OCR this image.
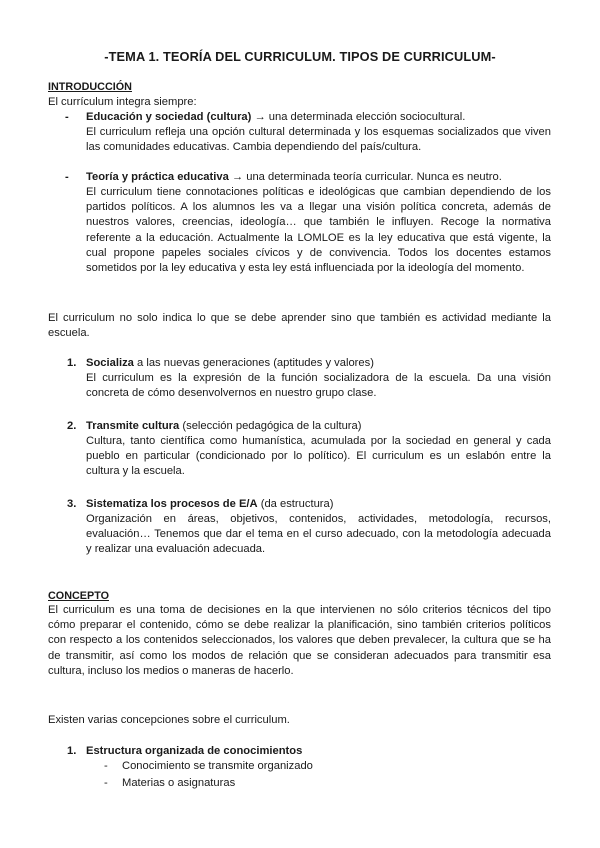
-TEMA 1. TEORÍA DEL CURRICULUM. TIPOS DE CURRICULUM-
INTRODUCCIÓN
El currículum integra siempre:
- Educación y sociedad (cultura) → una determinada elección sociocultural.
El curriculum refleja una opción cultural determinada y los esquemas socializados que viven las comunidades educativas. Cambia dependiendo del país/cultura.
- Teoría y práctica educativa → una determinada teoría curricular. Nunca es neutro.
El curriculum tiene connotaciones políticas e ideológicas que cambian dependiendo de los partidos políticos. A los alumnos les va a llegar una visión política concreta, además de nuestros valores, creencias, ideología… que también le influyen. Recoge la normativa referente a la educación. Actualmente la LOMLOE es la ley educativa que está vigente, la cual propone papeles sociales cívicos y de convivencia. Todos los docentes estamos sometidos por la ley educativa y esta ley está influenciada por la ideología del momento.
El curriculum no solo indica lo que se debe aprender sino que también es actividad mediante la escuela.
1. Socializa a las nuevas generaciones (aptitudes y valores)
El curriculum es la expresión de la función socializadora de la escuela. Da una visión concreta de cómo desenvolvernos en nuestro grupo clase.
2. Transmite cultura (selección pedagógica de la cultura)
Cultura, tanto científica como humanística, acumulada por la sociedad en general y cada pueblo en particular (condicionado por lo político). El curriculum es un eslabón entre la cultura y la escuela.
3. Sistematiza los procesos de E/A (da estructura)
Organización en áreas, objetivos, contenidos, actividades, metodología, recursos, evaluación… Tenemos que dar el tema en el curso adecuado, con la metodología adecuada y realizar una evaluación adecuada.
CONCEPTO
El curriculum es una toma de decisiones en la que intervienen no sólo criterios técnicos del tipo cómo preparar el contenido, cómo se debe realizar la planificación, sino también criterios políticos con respecto a los contenidos seleccionados, los valores que deben prevalecer, la cultura que se ha de transmitir, así como los modos de relación que se consideran adecuados para transmitir esa cultura, incluso los medios o maneras de hacerlo.
Existen varias concepciones sobre el curriculum.
1. Estructura organizada de conocimientos
- Conocimiento se transmite organizado
- Materias o asignaturas
